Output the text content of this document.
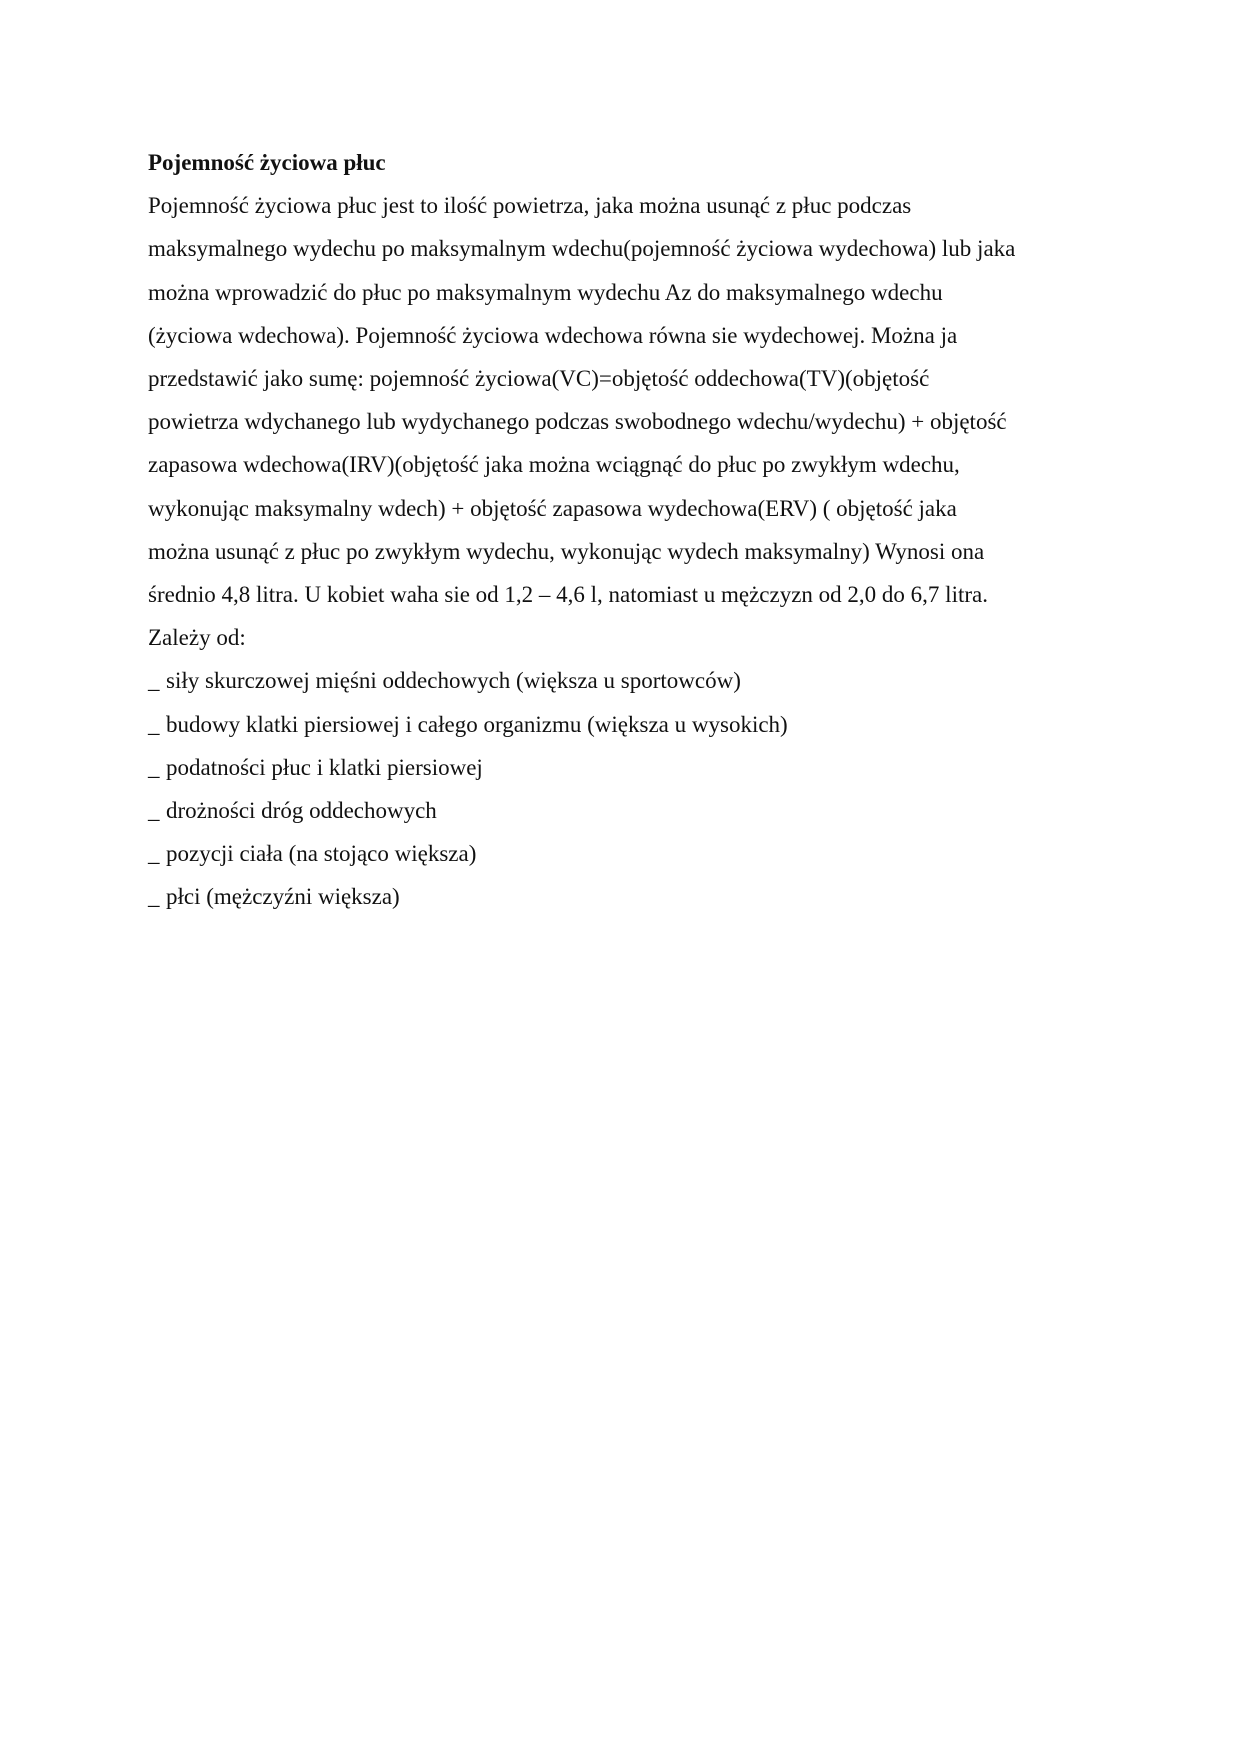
Pojemność życiowa płuc

Pojemność życiowa płuc jest to ilość powietrza, jaka można usunąć z płuc podczas

maksymalnego wydechu po maksymalnym wdechu(pojemność życiowa wydechowa) lub jaka

można wprowadzić do płuc po maksymalnym wydechu Az do maksymalnego wdechu

(życiowa wdechowa). Pojemność życiowa wdechowa równa sie wydechowej. Można ja

przedstawić jako sumę: pojemność życiowa(VC)=objętość oddechowa(TV)(objętość

powietrza wdychanego lub wydychanego podczas swobodnego wdechu/wydechu) + objętość

zapasowa wdechowa(IRV)(objętość jaka można wciągnąć do płuc po zwykłym wdechu,

wykonując maksymalny wdech) + objętość zapasowa wydechowa(ERV) ( objętość jaka

można usunąć z płuc po zwykłym wydechu, wykonując wydech maksymalny) Wynosi ona

średnio 4,8 litra. U kobiet waha sie od 1,2 – 4,6 l, natomiast u mężczyzn od 2,0 do 6,7 litra.

Zależy od:

_ siły skurczowej mięśni oddechowych (większa u sportowców)
_ budowy klatki piersiowej i całego organizmu (większa u wysokich)
_ podatności płuc i klatki piersiowej
_ drożności dróg oddechowych
_ pozycji ciała (na stojąco większa)
_ płci (mężczyźni większa)
